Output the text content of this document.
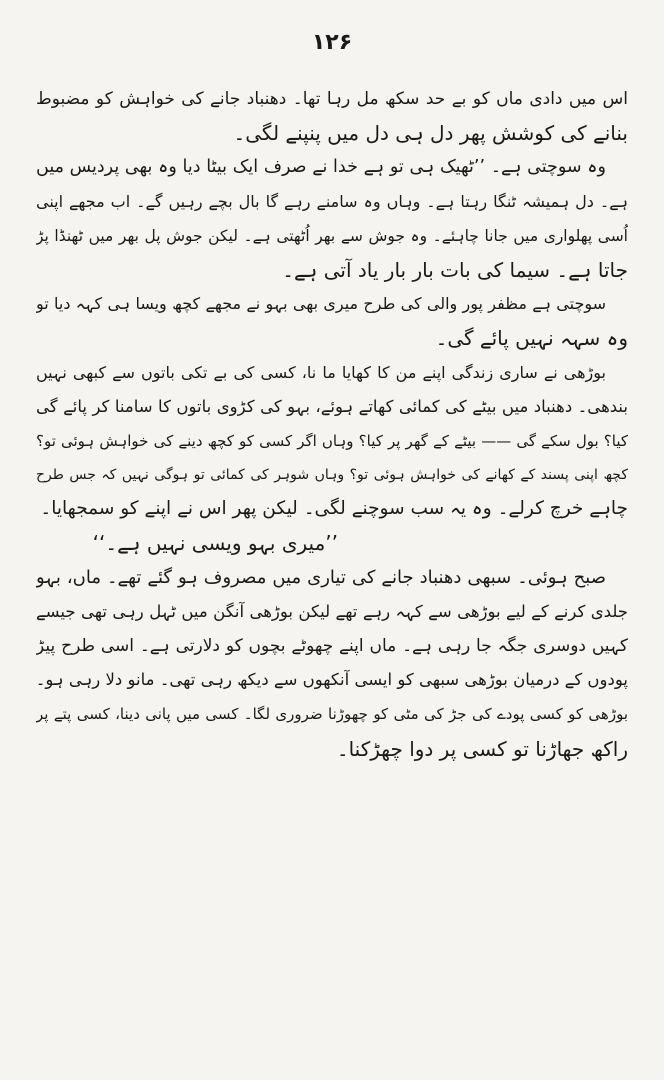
۱۲۶
اس میں دادی ماں کو بے حد سکھ مل رہا تھا۔ دھنباد جانے کی خواہش کو مضبوط
بنانے کی کوشش پھر دل ہی دل میں پنپنے لگی۔
وہ سوچتی ہے۔ ’’ٹھیک ہی تو ہے خدا نے صرف ایک بیٹا دیا وہ بھی پردیس میں
ہے۔ دل ہمیشہ ٹنگا رہتا ہے۔ وہاں وہ سامنے رہے گا بال بچے رہیں گے۔ اب مجھے اپنی
اُسی پھلواری میں جانا چاہئے۔ وہ جوش سے بھر اُٹھتی ہے۔ لیکن جوش پل بھر میں ٹھنڈا پڑ
جاتا ہے۔ سیما کی بات بار بار یاد آتی ہے۔
سوچتی ہے مظفر پور والی کی طرح میری بھی بہو نے مجھے کچھ ویسا ہی کہہ دیا تو
وہ سہہ نہیں پائے گی۔
بوڑھی نے ساری زندگی اپنے من کا کھایا ما نا، کسی کی بے تکی باتوں سے کبھی نہیں
بندھی۔ دھنباد میں بیٹے کی کمائی کھاتے ہوئے، بہو کی کڑوی باتوں کا سامنا کر پائے گی
کیا؟ بول سکے گی —— بیٹے کے گھر پر کیا؟ وہاں اگر کسی کو کچھ دینے کی خواہش ہوئی تو؟
کچھ اپنی پسند کے کھانے کی خواہش ہوئی تو؟ وہاں شوہر کی کمائی تو ہوگی نہیں کہ جس طرح
چاہے خرچ کرلے۔ وہ یہ سب سوچنے لگی۔ لیکن پھر اس نے اپنے کو سمجھایا۔
’’میری بہو ویسی نہیں ہے۔‘‘
صبح ہوئی۔ سبھی دھنباد جانے کی تیاری میں مصروف ہو گئے تھے۔ ماں، بہو
جلدی کرنے کے لیے بوڑھی سے کہہ رہے تھے لیکن بوڑھی آنگن میں ٹہل رہی تھی جیسے
کہیں دوسری جگہ جا رہی ہے۔ ماں اپنے چھوٹے بچوں کو دلارتی ہے۔ اسی طرح پیڑ
پودوں کے درمیان بوڑھی سبھی کو ایسی آنکھوں سے دیکھ رہی تھی۔ مانو دلا رہی ہو۔
بوڑھی کو کسی پودے کی جڑ کی مٹی کو چھوڑنا ضروری لگا۔ کسی میں پانی دینا، کسی پتے پر
راکھ جھاڑنا تو کسی پر دوا چھڑکنا۔
